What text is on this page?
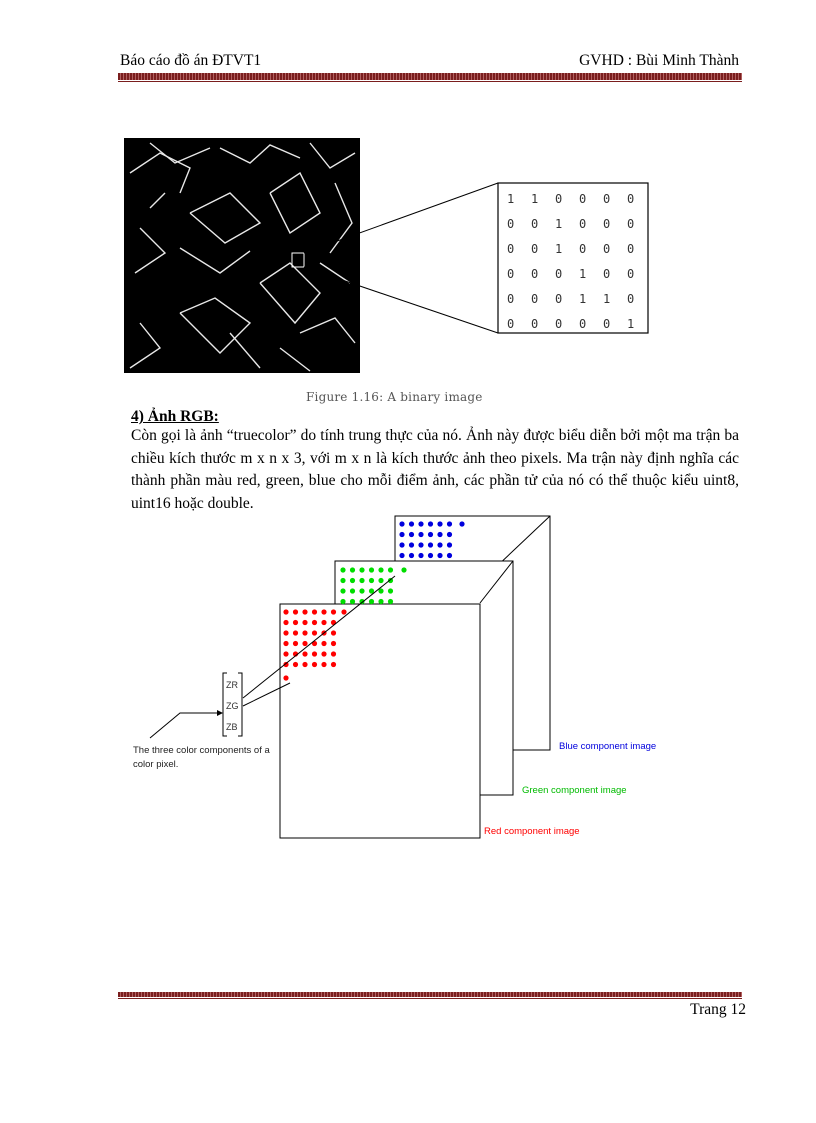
Báo cáo đồ án ĐTVT1	GVHD : Bùi Minh Thành
1 1 0 0 0 0
0 0 1 0 0 0
0 0 1 0 0 0
0 0 0 1 0 0
0 0 0 1 1 0
0 0 0 0 0 1
Figure 1.16: A binary image
4) Ảnh RGB:
Còn gọi là ảnh “truecolor” do tính trung thực của nó. Ảnh này được biểu diễn bởi một ma trận ba chiều kích thước m x n x 3, với m x n là kích thước ảnh theo pixels. Ma trận này định nghĩa các thành phần màu red, green, blue cho mỗi điểm ảnh, các phần tử của nó có thể thuộc kiểu uint8, uint16 hoặc double.
ZR
ZG
ZB
The three color components of a
color pixel.
Blue component image
Green component image
Red component image
Trang 12
